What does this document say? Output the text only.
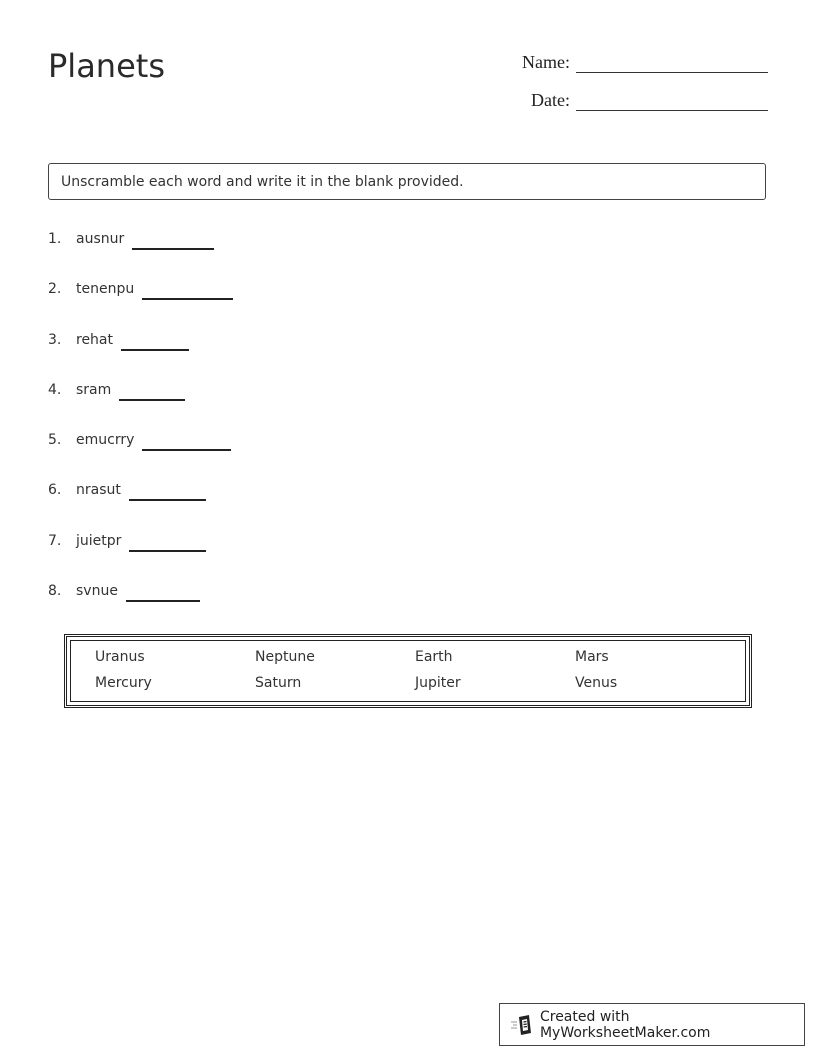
Planets	Name:
Date:
Unscramble each word and write it in the blank provided.
1.	ausnur
2.	tenenpu
3.	rehat
4.	sram
5.	emucrry
6.	nrasut
7.	juietpr
8.	svnue
Uranus	Neptune	Earth	Mars
Mercury	Saturn	Jupiter	Venus
Created with MyWorksheetMaker.com
